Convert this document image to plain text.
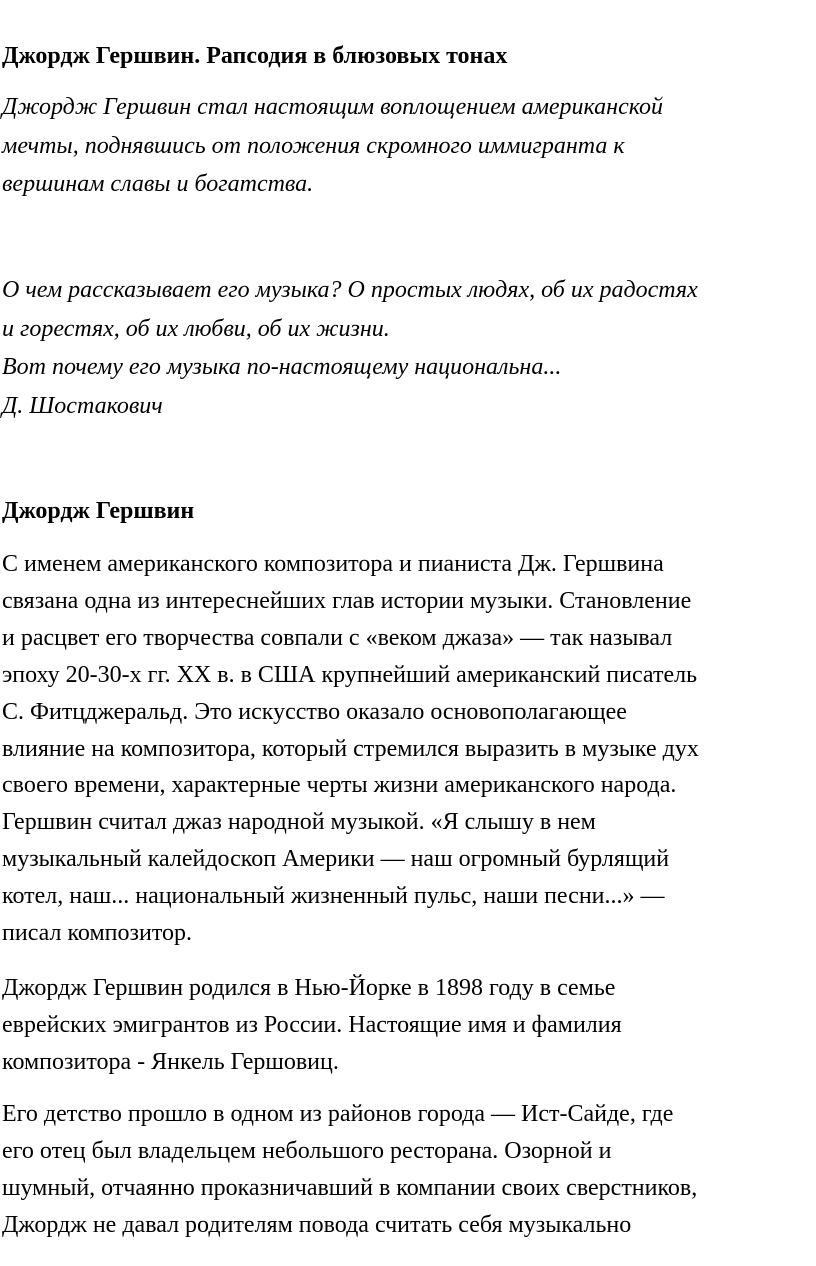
Джордж Гершвин. Рапсодия в блюзовых тонах
Джордж Гершвин стал настоящим воплощением американской
мечты, поднявшись от положения скромного иммигранта к
вершинам славы и богатства.
О чем рассказывает его музыка? О простых людях, об их радостях
и горестях, об их любви, об их жизни.
Вот почему его музыка по-настоящему национальна...
Д. Шостакович
Джордж Гершвин
С именем американского композитора и пианиста Дж. Гершвина
связана одна из интереснейших глав истории музыки. Становление
и расцвет его творчества совпали с «веком джаза» — так называл
эпоху 20-30-х гг. XX в. в США крупнейший американский писатель
С. Фитцджеральд. Это искусство оказало основополагающее
влияние на композитора, который стремился выразить в музыке дух
своего времени, характерные черты жизни американского народа.
Гершвин считал джаз народной музыкой. «Я слышу в нем
музыкальный калейдоскоп Америки — наш огромный бурлящий
котел, наш... национальный жизненный пульс, наши песни...» —
писал композитор.
Джордж Гершвин родился в Нью-Йорке в 1898 году в семье
еврейских эмигрантов из России. Настоящие имя и фамилия
композитора - Янкель Гершовиц.
Его детство прошло в одном из районов города — Ист-Сайде, где
его отец был владельцем небольшого ресторана. Озорной и
шумный, отчаянно проказничавший в компании своих сверстников,
Джордж не давал родителям повода считать себя музыкально
